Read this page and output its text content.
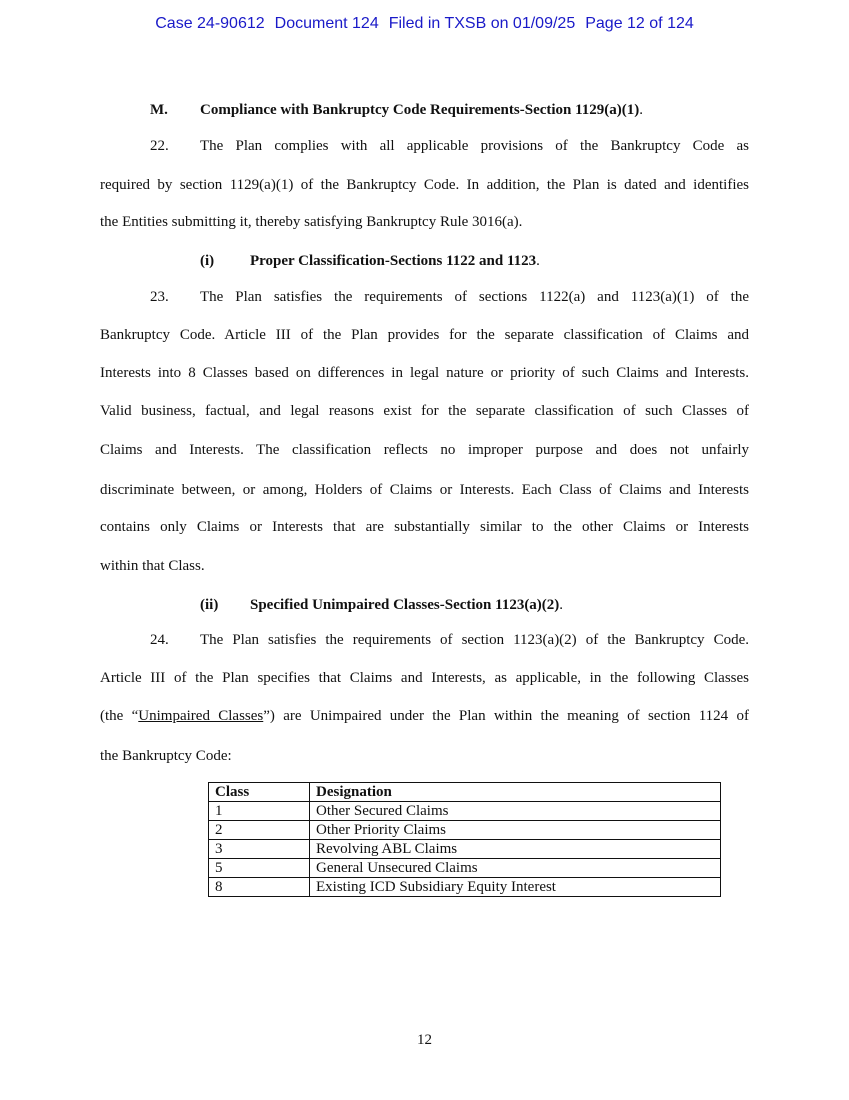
Case 24-90612 Document 124 Filed in TXSB on 01/09/25 Page 12 of 124
M. Compliance with Bankruptcy Code Requirements-Section 1129(a)(1).
22. The Plan complies with all applicable provisions of the Bankruptcy Code as
required by section 1129(a)(1) of the Bankruptcy Code. In addition, the Plan is dated and identifies
the Entities submitting it, thereby satisfying Bankruptcy Rule 3016(a).
(i) Proper Classification-Sections 1122 and 1123.
23. The Plan satisfies the requirements of sections 1122(a) and 1123(a)(1) of the
Bankruptcy Code. Article III of the Plan provides for the separate classification of Claims and
Interests into 8 Classes based on differences in legal nature or priority of such Claims and Interests.
Valid business, factual, and legal reasons exist for the separate classification of such Classes of
Claims and Interests. The classification reflects no improper purpose and does not unfairly
discriminate between, or among, Holders of Claims or Interests. Each Class of Claims and Interests
contains only Claims or Interests that are substantially similar to the other Claims or Interests
within that Class.
(ii) Specified Unimpaired Classes-Section 1123(a)(2).
24. The Plan satisfies the requirements of section 1123(a)(2) of the Bankruptcy Code.
Article III of the Plan specifies that Claims and Interests, as applicable, in the following Classes
(the “Unimpaired Classes”) are Unimpaired under the Plan within the meaning of section 1124 of
the Bankruptcy Code:
Class	Designation
1	Other Secured Claims
2	Other Priority Claims
3	Revolving ABL Claims
5	General Unsecured Claims
8	Existing ICD Subsidiary Equity Interest
12
